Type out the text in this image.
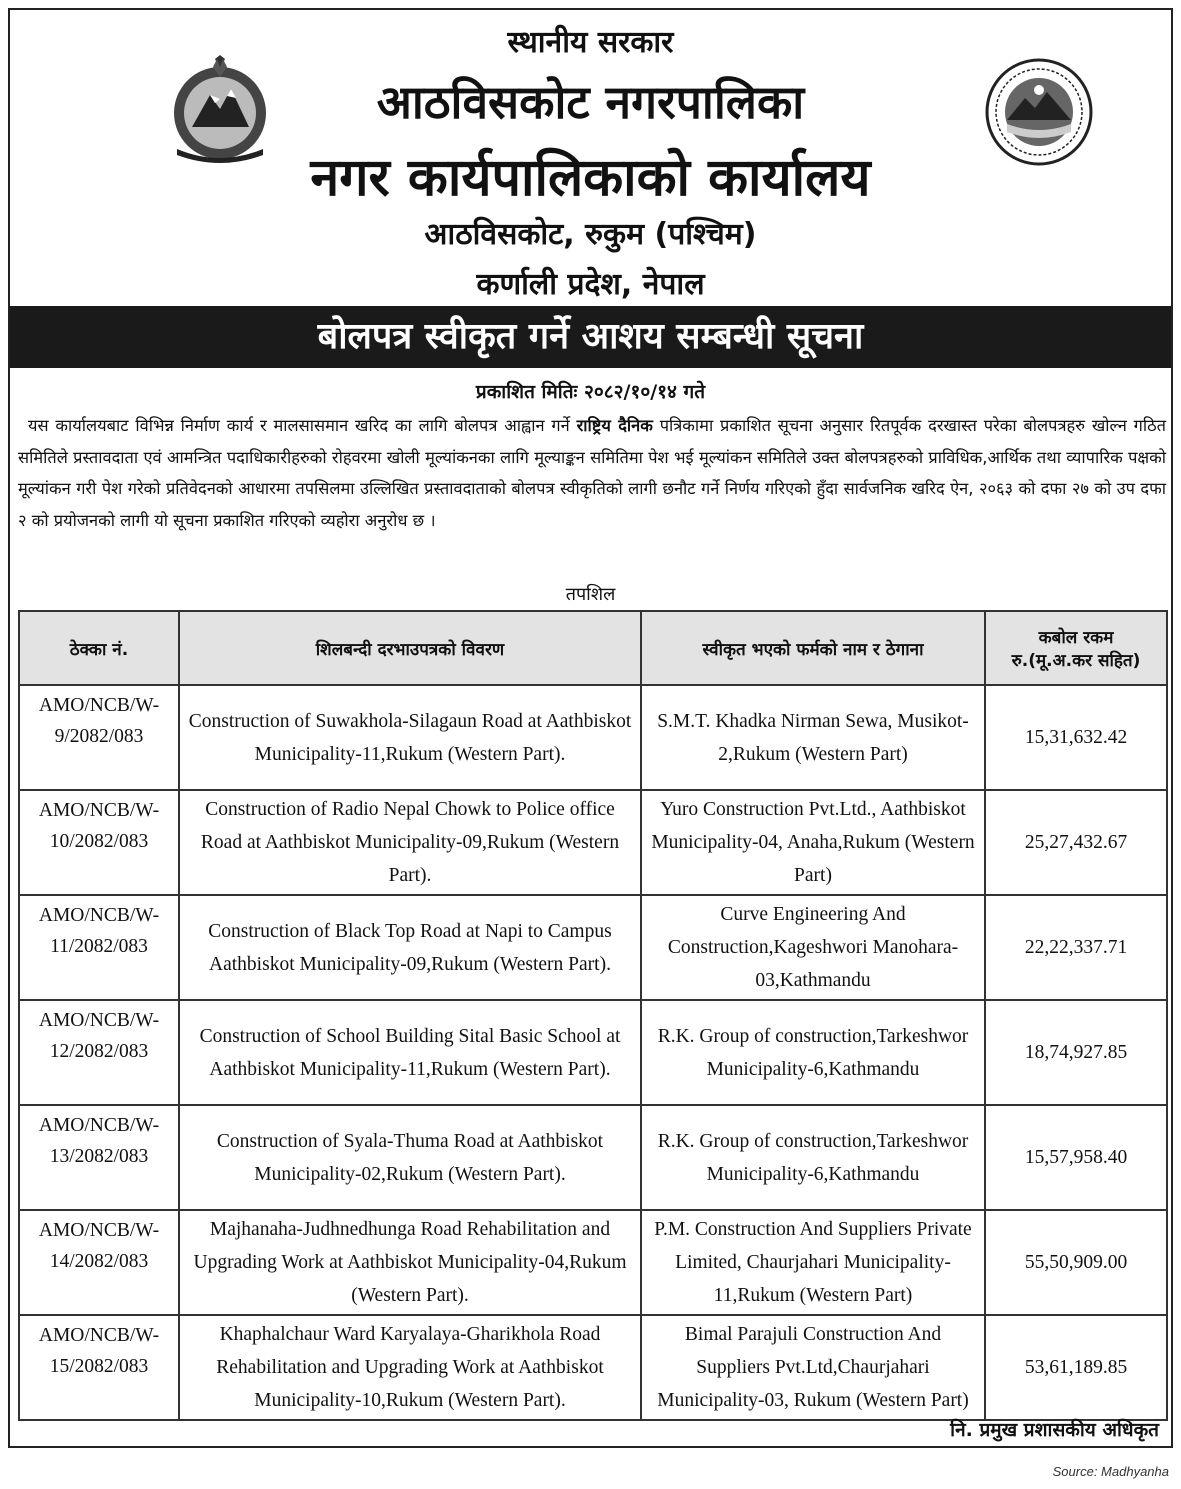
स्थानीय सरकार
आठविसकोट नगरपालिका
नगर कार्यपालिकाको कार्यालय
आठविसकोट, रुकुम (पश्चिम)
कर्णाली प्रदेश, नेपाल
बोलपत्र स्वीकृत गर्ने आशय सम्बन्धी सूचना
प्रकाशित मितिः २०८२/१०/१४ गते
यस कार्यालयबाट विभिन्न निर्माण कार्य र मालसासमान खरिद का लागि बोलपत्र आह्वान गर्ने राष्ट्रिय दैनिक पत्रिकामा प्रकाशित सूचना अनुसार रितपूर्वक दरखास्त परेका बोलपत्रहरु खोल्न गठित समितिले प्रस्तावदाता एवं आमन्त्रित पदाधिकारीहरुको रोहवरमा खोली मूल्यांकनका लागि मूल्याङ्कन समितिमा पेश भई मूल्यांकन समितिले उक्त बोलपत्रहरुको प्राविधिक,आर्थिक तथा व्यापारिक पक्षको मूल्यांकन गरी पेश गरेको प्रतिवेदनको आधारमा तपसिलमा उल्लिखित प्रस्तावदाताको बोलपत्र स्वीकृतिको लागी छनौट गर्ने निर्णय गरिएको हुँदा सार्वजनिक खरिद ऐन, २०६३ को दफा २७ को उप दफा २ को प्रयोजनको लागी यो सूचना प्रकाशित गरिएको व्यहोरा अनुरोध छ ।
तपशिल
ठेक्का नं.	शिलबन्दी दरभाउपत्रको विवरण	स्वीकृत भएको फर्मको नाम र ठेगाना	कबोल रकम
रु.(मू.अ.कर सहित)

AMO/NCB/W-9/2082/083	Construction of Suwakhola-Silagaun Road at Aathbiskot Municipality-11,Rukum (Western Part).	S.M.T. Khadka Nirman Sewa, Musikot-2,Rukum (Western Part)	15,31,632.42
AMO/NCB/W-10/2082/083	Construction of Radio Nepal Chowk to Police office Road at Aathbiskot Municipality-09,Rukum (Western Part).	Yuro Construction Pvt.Ltd., Aathbiskot Municipality-04, Anaha,Rukum (Western Part)	25,27,432.67
AMO/NCB/W-11/2082/083	Construction of Black Top Road at Napi to Campus Aathbiskot Municipality-09,Rukum (Western Part).	Curve Engineering And Construction,Kageshwori Manohara-03,Kathmandu	22,22,337.71
AMO/NCB/W-12/2082/083	Construction of School Building Sital Basic School at Aathbiskot Municipality-11,Rukum (Western Part).	R.K. Group of construction,Tarkeshwor Municipality-6,Kathmandu	18,74,927.85
AMO/NCB/W-13/2082/083	Construction of Syala-Thuma Road at Aathbiskot Municipality-02,Rukum (Western Part).	R.K. Group of construction,Tarkeshwor Municipality-6,Kathmandu	15,57,958.40
AMO/NCB/W-14/2082/083	Majhanaha-Judhnedhunga Road Rehabilitation and Upgrading Work at Aathbiskot Municipality-04,Rukum (Western Part).	P.M. Construction And Suppliers Private Limited, Chaurjahari Municipality-11,Rukum (Western Part)	55,50,909.00
AMO/NCB/W-15/2082/083	Khaphalchaur Ward Karyalaya-Gharikhola Road Rehabilitation and Upgrading Work at Aathbiskot Municipality-10,Rukum (Western Part).	Bimal Parajuli Construction And Suppliers Pvt.Ltd,Chaurjahari Municipality-03, Rukum (Western Part)	53,61,189.85
नि. प्रमुख प्रशासकीय अधिकृत
Source: Madhyanha
